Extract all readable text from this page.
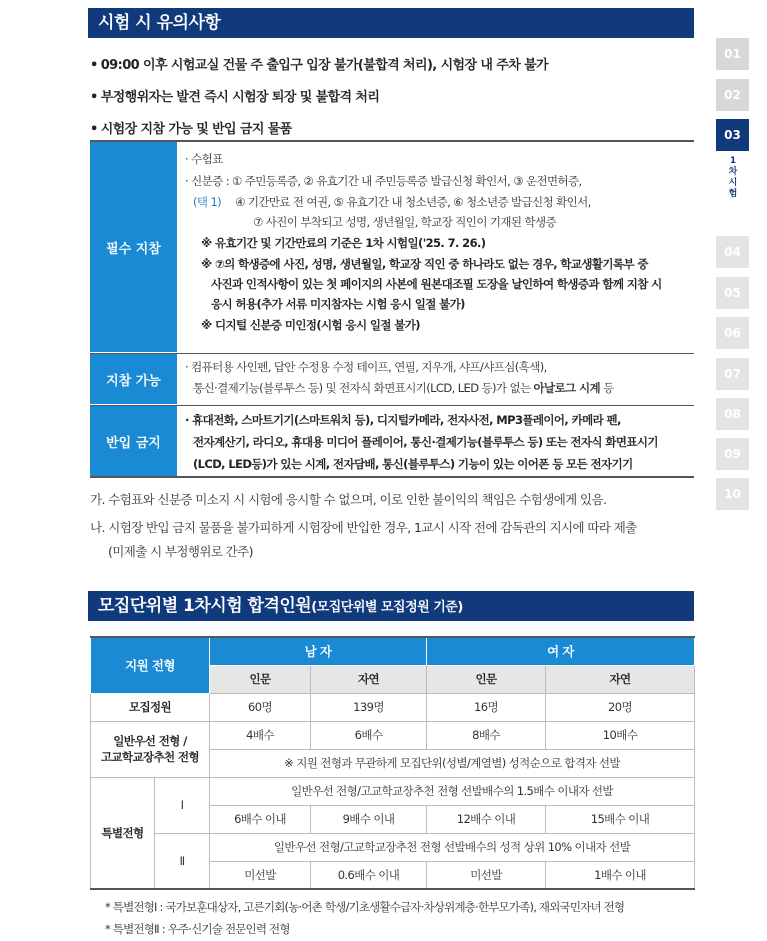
시험 시 유의사항
• 09:00 이후 시험교실 건물 주 출입구 입장 불가(불합격 처리), 시험장 내 주차 불가
• 부정행위자는 발견 즉시 시험장 퇴장 및 불합격 처리
• 시험장 지참 가능 및 반입 금지 물품
필수 지참
· 수험표
· 신분증 : ① 주민등록증, ② 유효기간 내 주민등록증 발급신청 확인서, ③ 운전면허증,
(택 1) ④ 기간만료 전 여권, ⑤ 유효기간 내 청소년증, ⑥ 청소년증 발급신청 확인서,
⑦ 사진이 부착되고 성명, 생년월일, 학교장 직인이 기재된 학생증
※ 유효기간 및 기간만료의 기준은 1차 시험일('25. 7. 26.)
※ ⑦의 학생증에 사진, 성명, 생년월일, 학교장 직인 중 하나라도 없는 경우, 학교생활기록부 중
사진과 인적사항이 있는 첫 페이지의 사본에 원본대조필 도장을 날인하여 학생증과 함께 지참 시
응시 허용(추가 서류 미지참자는 시험 응시 일절 불가)
※ 디지털 신분증 미인정(시험 응시 일절 불가)
지참 가능
· 컴퓨터용 사인펜, 답안 수정용 수정 테이프, 연필, 지우개, 샤프/샤프심(흑색),
통신·결제기능(블루투스 등) 및 전자식 화면표시기(LCD, LED 등)가 없는 아날로그 시계 등
반입 금지
· 휴대전화, 스마트기기(스마트워치 등), 디지털카메라, 전자사전, MP3플레이어, 카메라 펜,
전자계산기, 라디오, 휴대용 미디어 플레이어, 통신·결제기능(블루투스 등) 또는 전자식 화면표시기
(LCD, LED등)가 있는 시계, 전자담배, 통신(블루투스) 기능이 있는 이어폰 등 모든 전자기기
가. 수험표와 신분증 미소지 시 시험에 응시할 수 없으며, 이로 인한 불이익의 책임은 수험생에게 있음.
나. 시험장 반입 금지 물품을 불가피하게 시험장에 반입한 경우, 1교시 시작 전에 감독관의 지시에 따라 제출
(미제출 시 부정행위로 간주)
모집단위별 1차시험 합격인원(모집단위별 모집정원 기준)
지원 전형		남 자		여 자	
		인문	자연	인문	자연
모집정원		60명	139명	16명	20명

일반우선 전형 /
고교학교장추천 전형		4배수	6배수	8배수	10배수
		※ 지원 전형과 무관하게 모집단위(성별/계열별) 성적순으로 합격자 선발			
특별전형	Ⅰ	일반우선 전형/고교학교장추천 전형 선발배수의 1.5배수 이내자 선발			
		6배수 이내	9배수 이내	12배수 이내	15배수 이내
	Ⅱ	일반우선 전형/고교학교장추천 전형 선발배수의 성적 상위 10% 이내자 선발			
		미선발	0.6배수 이내	미선발	1배수 이내
* 특별전형Ⅰ : 국가보훈대상자, 고른기회(농·어촌 학생/기초생활수급자·차상위계층·한부모가족), 재외국민자녀 전형
* 특별전형Ⅱ : 우주·신기술 전문인력 전형
01
02
03
1
차
시
험
04
05
06
07
08
09
10
